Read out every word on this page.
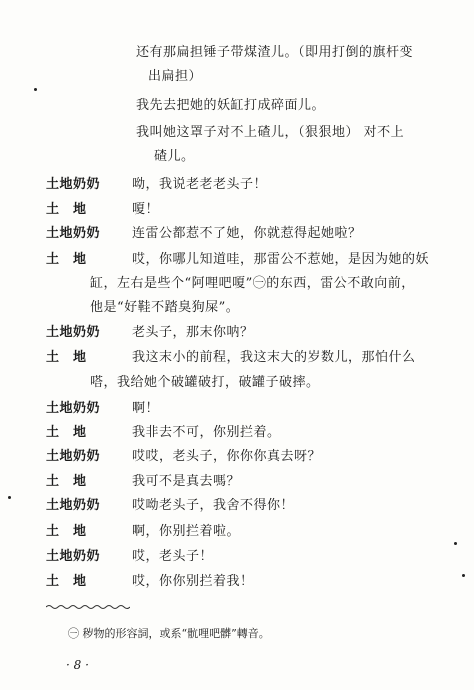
还有那扁担锤子带煤渣儿。（即用打倒的旗杆变
出扁担）
我先去把她的妖缸打成碎面儿。
我叫她这罩子对不上碴儿，（狠狠地） 对不上
碴儿。
土地奶奶 呦，我说老老老头子！
土　地	嗄！
土地奶奶 连雷公都惹不了她，你就惹得起她啦？
土　地	哎，你哪儿知道哇，那雷公不惹她，是因为她的妖
缸，左右是些个“阿哩吧嗄”㊀的东西，雷公不敢向前，
他是“好鞋不踏臭狗屎”。
土地奶奶 老头子，那末你呐？
土　地	我这末小的前程，我这末大的岁数儿，那怕什么
嗒，我给她个破罐破打，破罐子破摔。
土地奶奶 啊！
土　地	我非去不可，你别拦着。
土地奶奶 哎哎，老头子，你你你真去呀？
土　地	我可不是真去嗎？
土地奶奶 哎呦老头子，我舍不得你！
土　地	啊，你别拦着啦。
土地奶奶 哎，老头子！
土　地	哎，你你别拦着我！
㊀ 秽物的形容詞，或系“骯哩吧髒”轉音。
· 8 ·
